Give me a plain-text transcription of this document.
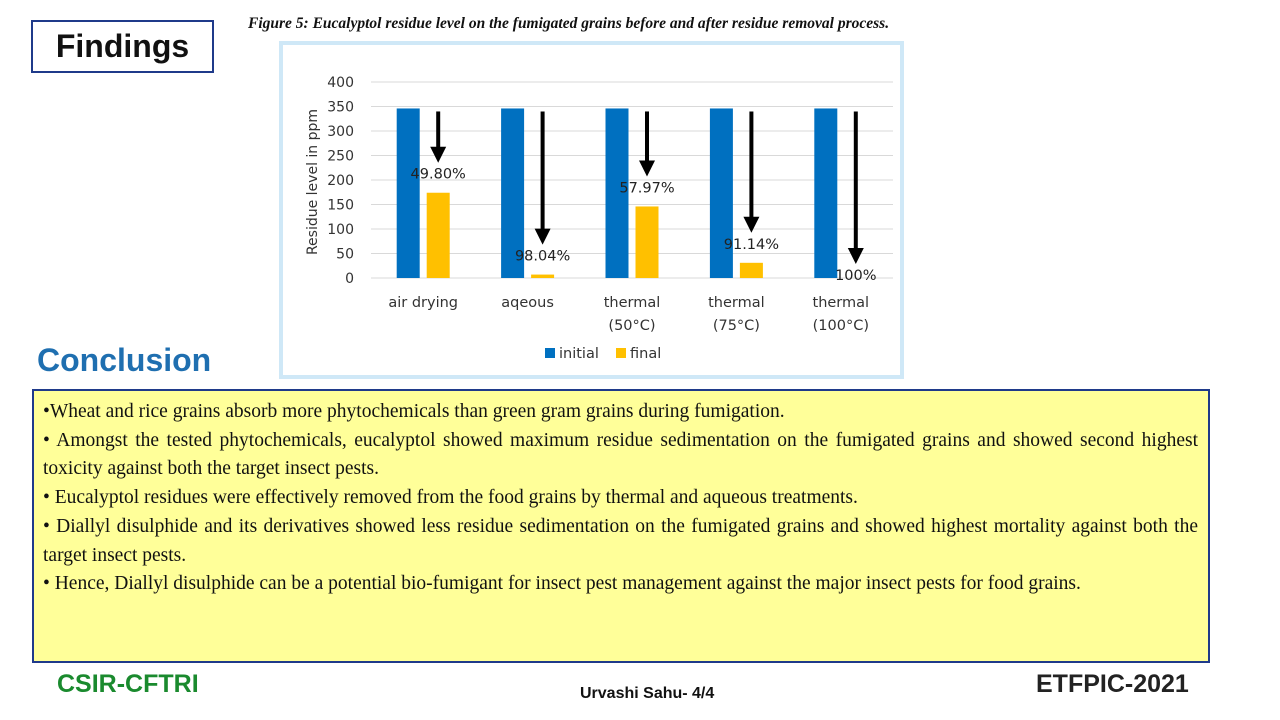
Findings
Figure 5: Eucalyptol residue level on the fumigated grains before and after residue removal process.
0
50
100
150
200
250
300
350
400
Residue level in ppm	49.80%
98.04%
57.97%
91.14%
100%
air drying	aqeous	thermal
(50°C)
thermal
(75°C)
thermal
(100°C)
initial final
Conclusion

•Wheat and rice grains absorb more phytochemicals than green gram grains during fumigation.

• Amongst the tested phytochemicals, eucalyptol showed maximum residue sedimentation on the fumigated grains and showed second highest toxicity against both the target insect pests.

• Eucalyptol residues were effectively removed from the food grains by thermal and aqueous treatments.

• Diallyl disulphide and its derivatives showed less residue sedimentation on the fumigated grains and showed highest mortality against both the target insect pests.

• Hence, Diallyl disulphide can be a potential bio-fumigant for insect pest management against the major insect pests for food grains.

CSIR-CFTRI	Urvashi Sahu- 4/4	ETFPIC-2021
